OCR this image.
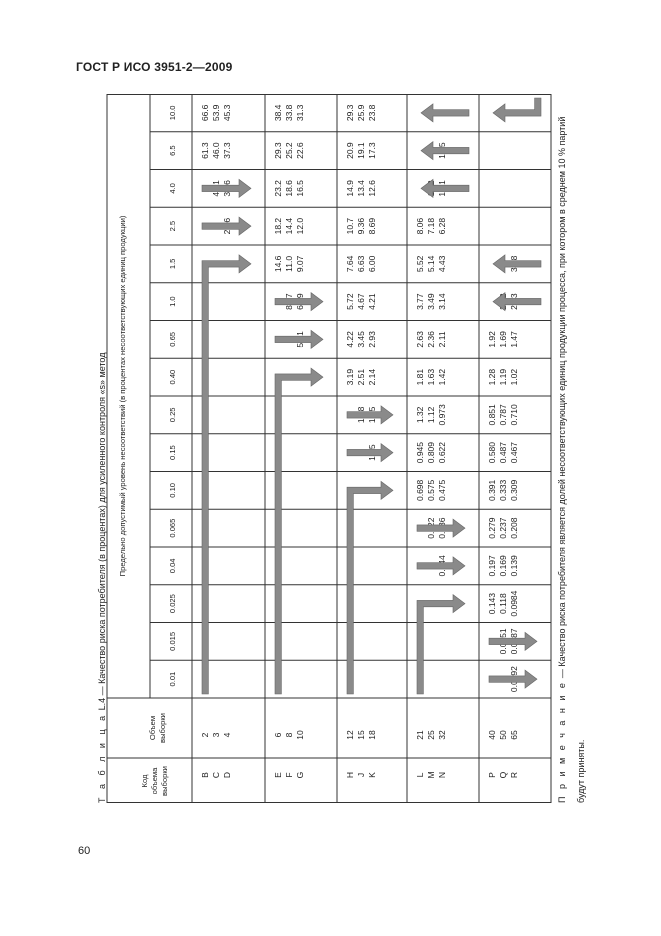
ГОСТ Р ИСО 3951-2—2009
Т а б л и ц а L.4 — Качество риска потребителя (в процентах) для усиленного контроля «s» метод
Код объема выборки
Объем выборки
Предельно допустимый уровень несоответствий (в процентах несоответствующих единиц продукции)
0.01
0.015
0.025
0.04
0.065
0.10
0.15
0.25
0.40
0.65
1.0
1.5
2.5
4.0
6.5
10.0
B C D
2 3 4
61.3 46.0 37.3
66.6 53.9 45.3
E F G
6 8 10
14.6 11.0 9.07
18.2 14.4 12.0
23.2 18.6 16.5
29.3 25.2 22.6
38.4 33.8 31.3
H J K
12 15 18
3.19 2.51 2.14
4.22 3.45 2.93
5.72 4.67 4.21
7.64 6.63 6.00
10.7 9.36 8.69
14.9 13.4 12.6
20.9 19.1 17.3
29.3 25.9 23.8
L M N
21 25 32
0.698 0.575 0.475
0.945 0.809 0.622
1.32 1.12 0.973
1.81 1.63 1.42
2.63 2.36 2.11
3.77 3.49 3.14
5.52 5.14 4.43
8.06 7.18 6.28
P Q R
40 50 65
0.143 0.118 0.0984
0.197 0.169 0.139
0.279 0.237 0.208
0.391 0.333 0.309
0.580 0.487 0.467
0.851 0.787 0.710
1.28 1.19 1.02
1.92 1.69 1.47
П р и м е ч а н и е — Качество риска потребителя является долей несоответствующих единиц продукции процесса, при котором в среднем 10 % партий будут приняты.
60
